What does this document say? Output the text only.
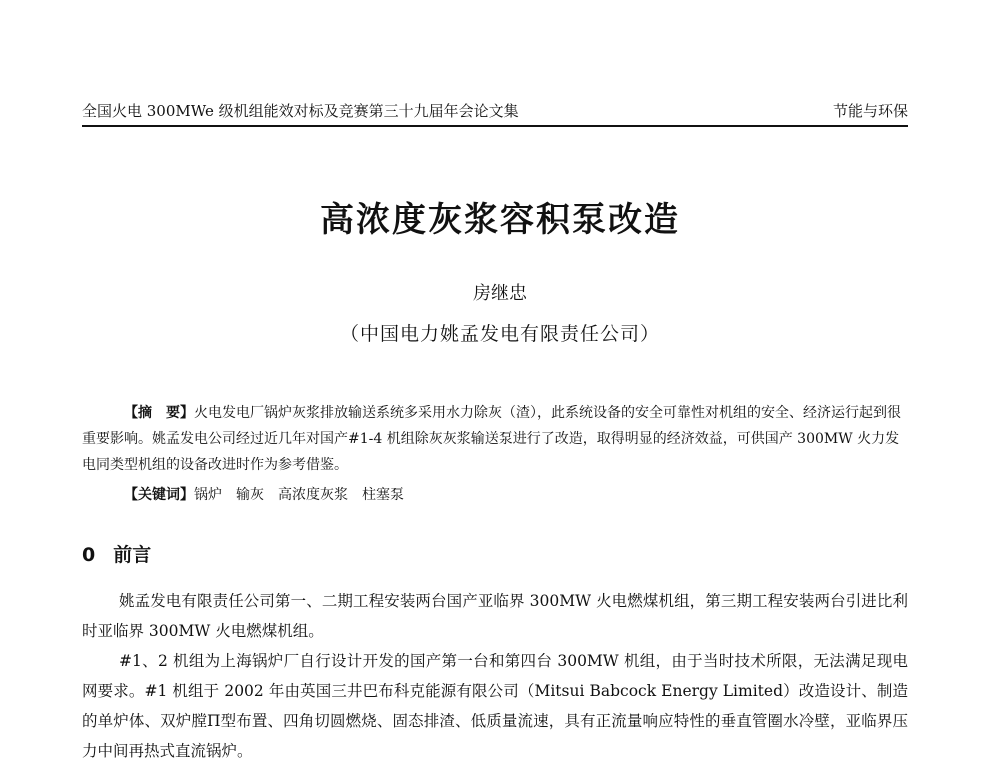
全国火电 300MWe 级机组能效对标及竞赛第三十九届年会论文集	节能与环保
高浓度灰浆容积泵改造
房继忠
（中国电力姚孟发电有限责任公司）

【摘　要】火电发电厂锅炉灰浆排放输送系统多采用水力除灰（渣），此系统设备的安全可靠性对机组的安全、经济运行起到很重要影响。姚孟发电公司经过近几年对国产#1-4 机组除灰灰浆输送泵进行了改造，取得明显的经济效益，可供国产 300MW 火力发电同类型机组的设备改进时作为参考借鉴。

【关键词】锅炉 输灰 高浓度灰浆 柱塞泵
0 前言

姚孟发电有限责任公司第一、二期工程安装两台国产亚临界 300MW 火电燃煤机组，第三期工程安装两台引进比利时亚临界 300MW 火电燃煤机组。

#1、2 机组为上海锅炉厂自行设计开发的国产第一台和第四台 300MW 机组，由于当时技术所限，无法满足现电网要求。#1 机组于 2002 年由英国三井巴布科克能源有限公司（Mitsui Babcock Energy Limited）改造设计、制造的单炉体、双炉膛Π型布置、四角切圆燃烧、固态排渣、低质量流速，具有正流量响应特性的垂直管圈水冷壁，亚临界压力中间再热式直流锅炉。
